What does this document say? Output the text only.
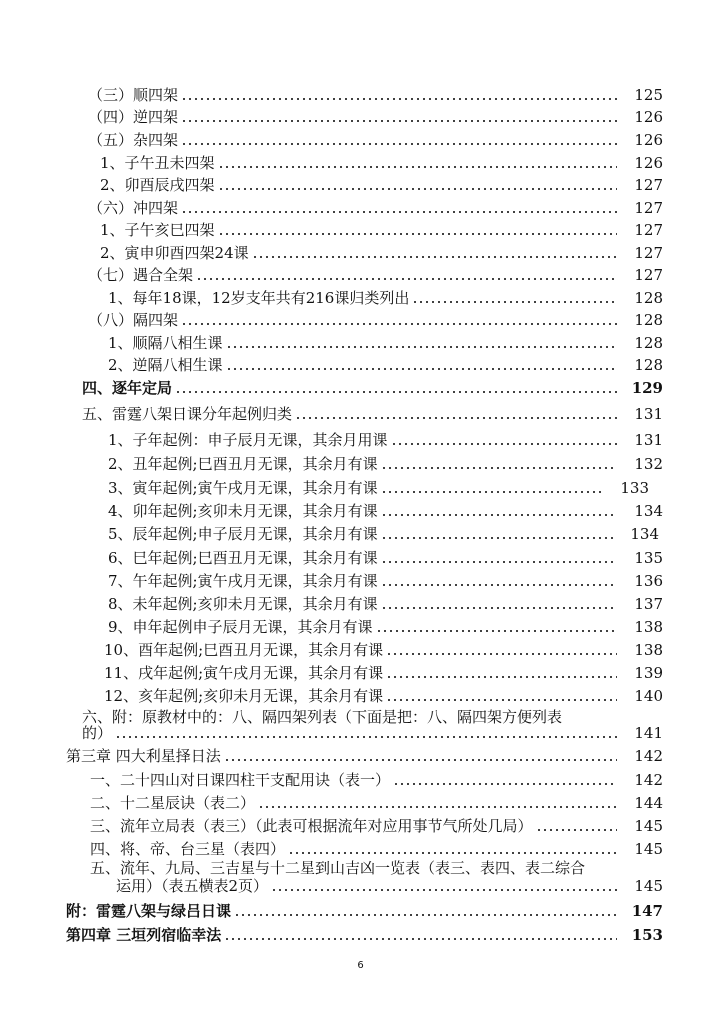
（三）顺四架	125
（四）逆四架	126
（五）杂四架	126
1、子午丑未四架	126
2、卯酉辰戌四架	127
（六）冲四架	127
1、子午亥巳四架	127
2、寅申卯酉四架24课	127
（七）遇合全架	127
1、每年18课，12岁支年共有216课归类列出	128
（八）隔四架	128
1、顺隔八相生课	128
2、逆隔八相生课	128
四、逐年定局	129
五、雷霆八架日课分年起例归类	131
1、子年起例：申子辰月无课，其余月用课	131
2、丑年起例;巳酉丑月无课，其余月有课	132
3、寅年起例;寅午戌月无课，其余月有课	133
4、卯年起例;亥卯未月无课，其余月有课	134
5、辰年起例;申子辰月无课，其余月有课	134
6、巳年起例;巳酉丑月无课，其余月有课	135
7、午年起例;寅午戌月无课，其余月有课	136
8、未年起例;亥卯未月无课，其余月有课	137
9、申年起例申子辰月无课，其余月有课	138
10、酉年起例;巳酉丑月无课，其余月有课	138
11、戌年起例;寅午戌月无课，其余月有课	139
12、亥年起例;亥卯未月无课，其余月有课	140
六、附：原教材中的：八、隔四架列表（下面是把：八、隔四架方便列表
的）	141
第三章 四大利星择日法	142
一、二十四山对日课四柱干支配用诀（表一）	142
二、十二星辰诀（表二）	144
三、流年立局表（表三）（此表可根据流年对应用事节气所处几局）	145
四、将、帝、台三星（表四）	145
五、流年、九局、三吉星与十二星到山吉凶一览表（表三、表四、表二综合
运用）（表五横表2页）	145
附：雷霆八架与绿吕日课	147
第四章 三垣列宿临幸法	153
6
